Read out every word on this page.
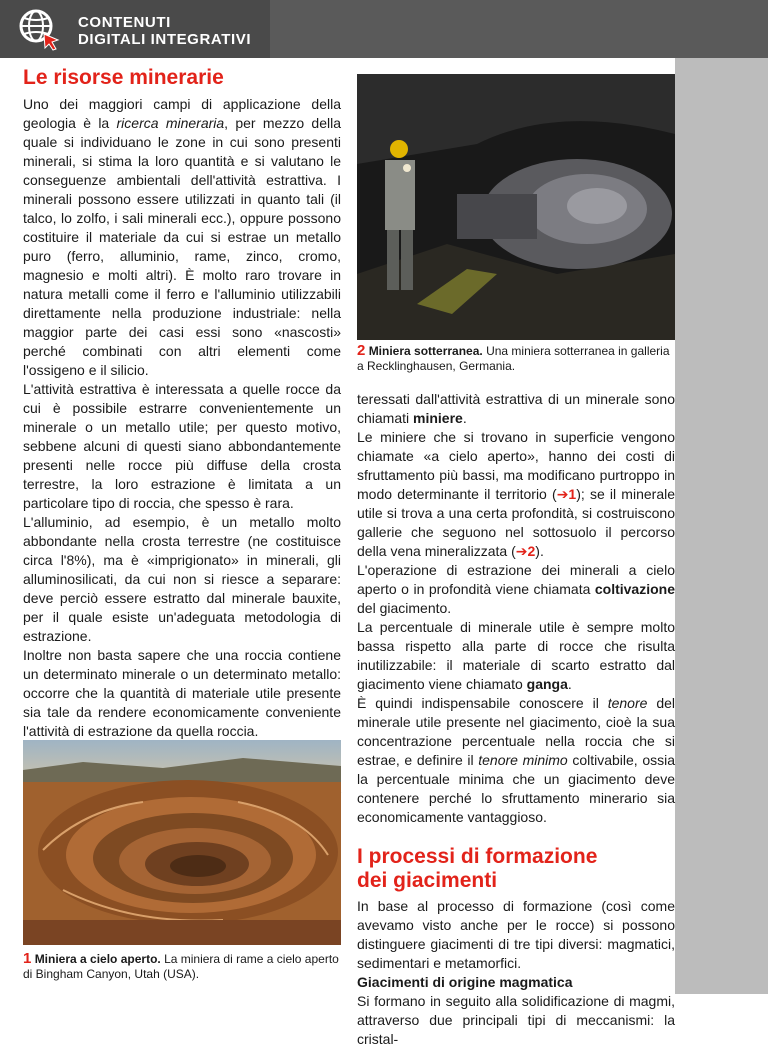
CONTENUTI
DIGITALI INTEGRATIVI
Le risorse minerarie

Uno dei maggiori campi di applicazione della geologia è la ricerca mineraria, per mezzo della quale si individuano le zone in cui sono presenti minerali, si stima la loro quantità e si valutano le conseguenze ambientali dell'attività estrattiva. I minerali possono essere utilizzati in quanto tali (il talco, lo zolfo, i sali minerali ecc.), oppure possono costituire il materiale da cui si estrae un metallo puro (ferro, alluminio, rame, zinco, cromo, magnesio e molti altri). È molto raro trovare in natura metalli come il ferro e l'alluminio utilizzabili direttamente nella produzione industriale: nella maggior parte dei casi essi sono «nascosti» perché combinati con altri elementi come l'ossigeno e il silicio.

L'attività estrattiva è interessata a quelle rocce da cui è possibile estrarre convenientemente un minerale o un metallo utile; per questo motivo, sebbene alcuni di questi siano abbondantemente presenti nelle rocce più diffuse della crosta terrestre, la loro estrazione è limitata a un particolare tipo di roccia, che spesso è rara.

L'alluminio, ad esempio, è un metallo molto abbondante nella crosta terrestre (ne costituisce circa l'8%), ma è «imprigionato» in minerali, gli alluminosilicati, da cui non si riesce a separare: deve perciò essere estratto dal minerale bauxite, per il quale esiste un'adeguata metodologia di estrazione.

Inoltre non basta sapere che una roccia contiene un determinato minerale o un determinato metallo: occorre che la quantità di materiale utile presente sia tale da rendere economicamente conveniente l'attività di estrazione da quella roccia.

1 Miniera a cielo aperto. La miniera di rame a cielo aperto di Bingham Canyon, Utah (USA).
2 Miniera sotterranea. Una miniera sotterranea in galleria a Recklinghausen, Germania.

teressati dall'attività estrattiva di un minerale sono chiamati miniere.

Le miniere che si trovano in superficie vengono chiamate «a cielo aperto», hanno dei costi di sfruttamento più bassi, ma modificano purtroppo in modo determinante il territorio (➔1); se il minerale utile si trova a una certa profondità, si costruiscono gallerie che seguono nel sottosuolo il percorso della vena mineralizzata (➔2).

L'operazione di estrazione dei minerali a cielo aperto o in profondità viene chiamata coltivazione del giacimento.

La percentuale di minerale utile è sempre molto bassa rispetto alla parte di rocce che risulta inutilizzabile: il materiale di scarto estratto dal giacimento viene chiamato ganga.

È quindi indispensabile conoscere il tenore del minerale utile presente nel giacimento, cioè la sua concentrazione percentuale nella roccia che si estrae, e definire il tenore minimo coltivabile, ossia la percentuale minima che un giacimento deve contenere perché lo sfruttamento minerario sia economicamente vantaggioso.

I processi di formazione
dei giacimenti

In base al processo di formazione (così come avevamo visto anche per le rocce) si possono distinguere giacimenti di tre tipi diversi: magmatici, sedimentari e metamorfici.

Giacimenti di origine magmatica

Si formano in seguito alla solidificazione di magmi, attraverso due principali tipi di meccanismi: la cristal-
